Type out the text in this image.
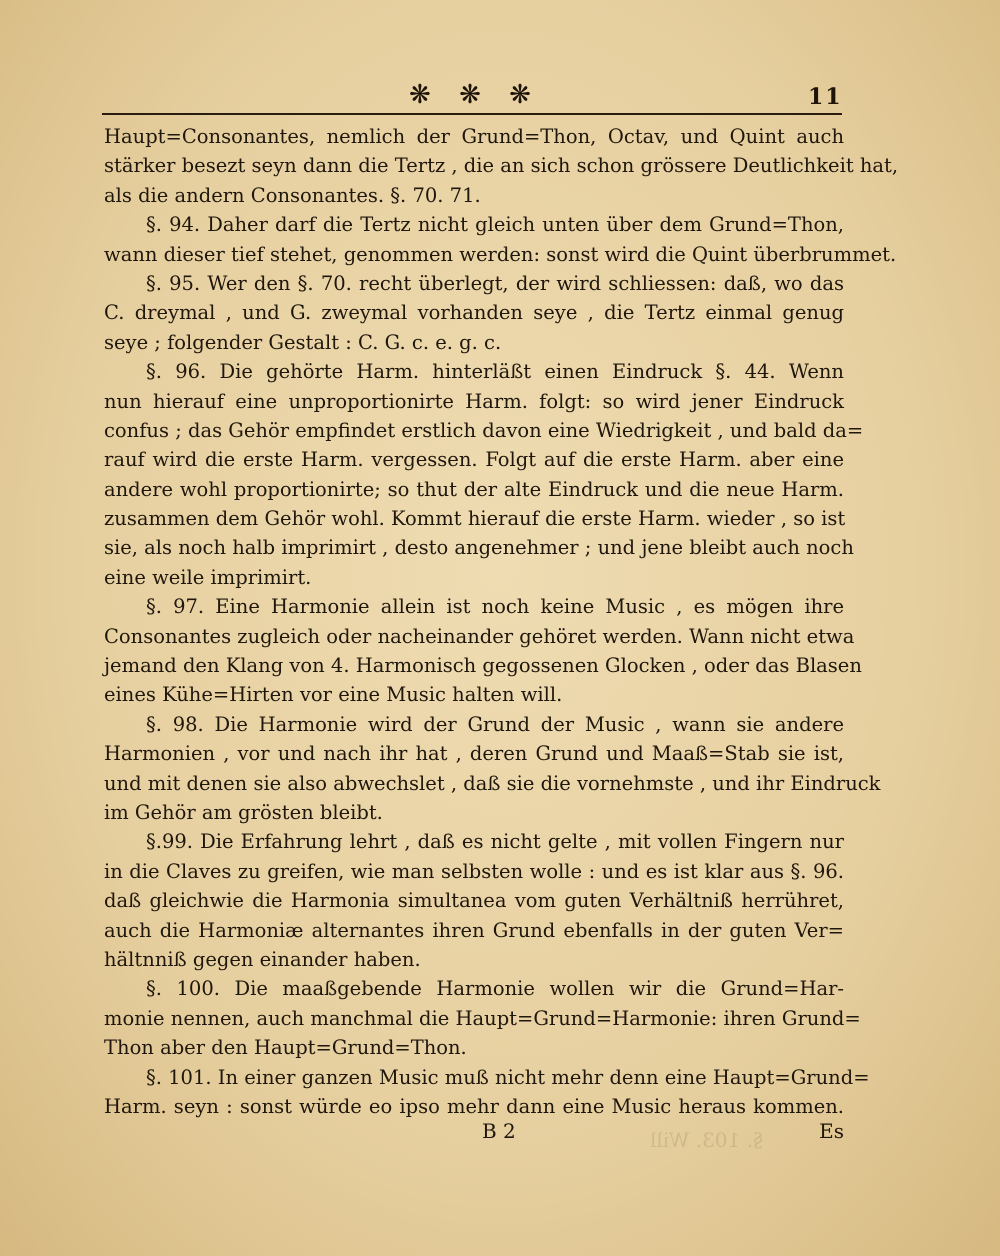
❋ ❋ ❋	11
Haupt=Consonantes, nemlich der Grund=Thon, Octav, und Quint auch
stärker besezt seyn dann die Tertz , die an sich schon grössere Deutlichkeit hat,
als die andern Consonantes. §. 70. 71.
§. 94. Daher darf die Tertz nicht gleich unten über dem Grund=Thon,
wann dieser tief stehet, genommen werden: sonst wird die Quint überbrummet.
§. 95. Wer den §. 70. recht überlegt, der wird schliessen: daß, wo das
C. dreymal , und G. zweymal vorhanden seye , die Tertz einmal genug
seye ; folgender Gestalt : C. G. c. e. g. c.
§. 96. Die gehörte Harm. hinterläßt einen Eindruck §. 44. Wenn
nun hierauf eine unproportionirte Harm. folgt: so wird jener Eindruck
confus ; das Gehör empfindet erstlich davon eine Wiedrigkeit , und bald da=
rauf wird die erste Harm. vergessen. Folgt auf die erste Harm. aber eine
andere wohl proportionirte; so thut der alte Eindruck und die neue Harm.
zusammen dem Gehör wohl. Kommt hierauf die erste Harm. wieder , so ist
sie, als noch halb imprimirt , desto angenehmer ; und jene bleibt auch noch
eine weile imprimirt.
§. 97. Eine Harmonie allein ist noch keine Music , es mögen ihre
Consonantes zugleich oder nacheinander gehöret werden. Wann nicht etwa
jemand den Klang von 4. Harmonisch gegossenen Glocken , oder das Blasen
eines Kühe=Hirten vor eine Music halten will.
§. 98. Die Harmonie wird der Grund der Music , wann sie andere
Harmonien , vor und nach ihr hat , deren Grund und Maaß=Stab sie ist,
und mit denen sie also abwechslet , daß sie die vornehmste , und ihr Eindruck
im Gehör am grösten bleibt.
§.99. Die Erfahrung lehrt , daß es nicht gelte , mit vollen Fingern nur
in die Claves zu greifen, wie man selbsten wolle : und es ist klar aus §. 96.
daß gleichwie die Harmonia simultanea vom guten Verhältniß herrühret,
auch die Harmoniæ alternantes ihren Grund ebenfalls in der guten Ver=
hältnniß gegen einander haben.
§. 100. Die maaßgebende Harmonie wollen wir die Grund=Har-
monie nennen, auch manchmal die Haupt=Grund=Harmonie: ihren Grund=
Thon aber den Haupt=Grund=Thon.
§. 101. In einer ganzen Music muß nicht mehr denn eine Haupt=Grund=
Harm. seyn : sonst würde eo ipso mehr dann eine Music heraus kommen.
B 2	Es
§. 103. Will
